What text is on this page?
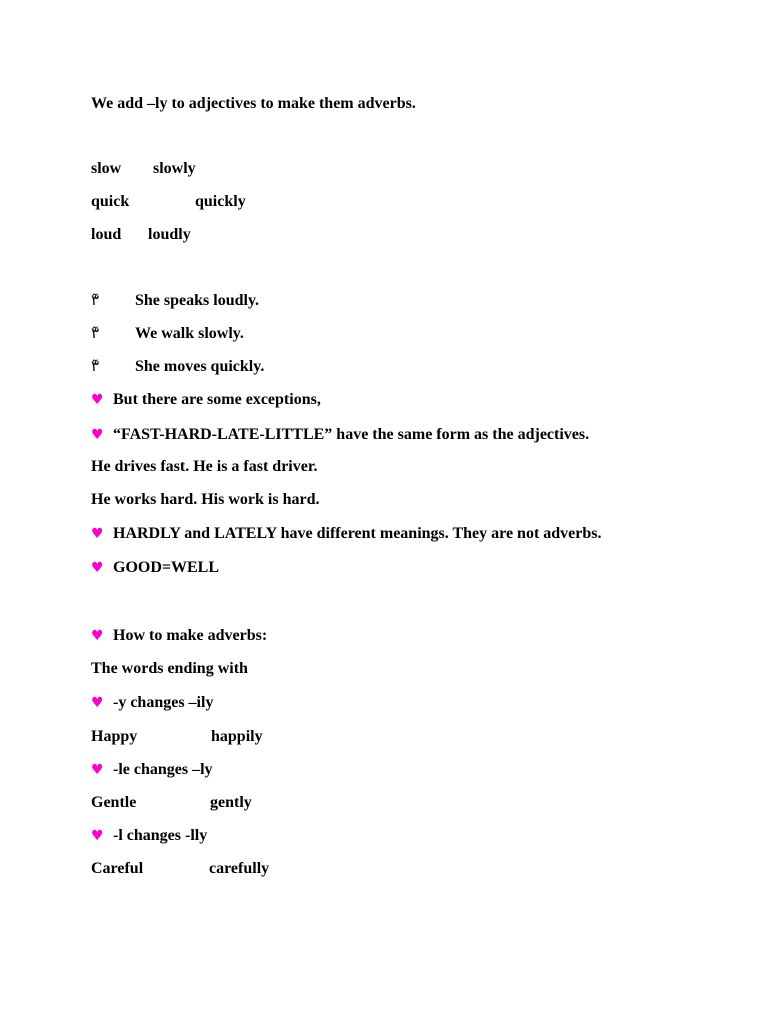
We add –ly to adjectives to make them adverbs.
slow slowly
quick	quickly
loud loudly
٣̃ She speaks loudly.
٣̃ We walk slowly.
٣̃ She moves quickly.
♥ But there are some exceptions,
♥ “FAST-HARD-LATE-LITTLE” have the same form as the adjectives.
He drives fast. He is a fast driver.
He works hard. His work is hard.
♥ HARDLY and LATELY have different meanings. They are not adverbs.
♥ GOOD=WELL
♥ How to make adverbs:
The words ending with
♥ -y changes –ily
Happy	happily
♥ -le changes –ly
Gentle	gently
♥ -l changes -lly
Careful	carefully
